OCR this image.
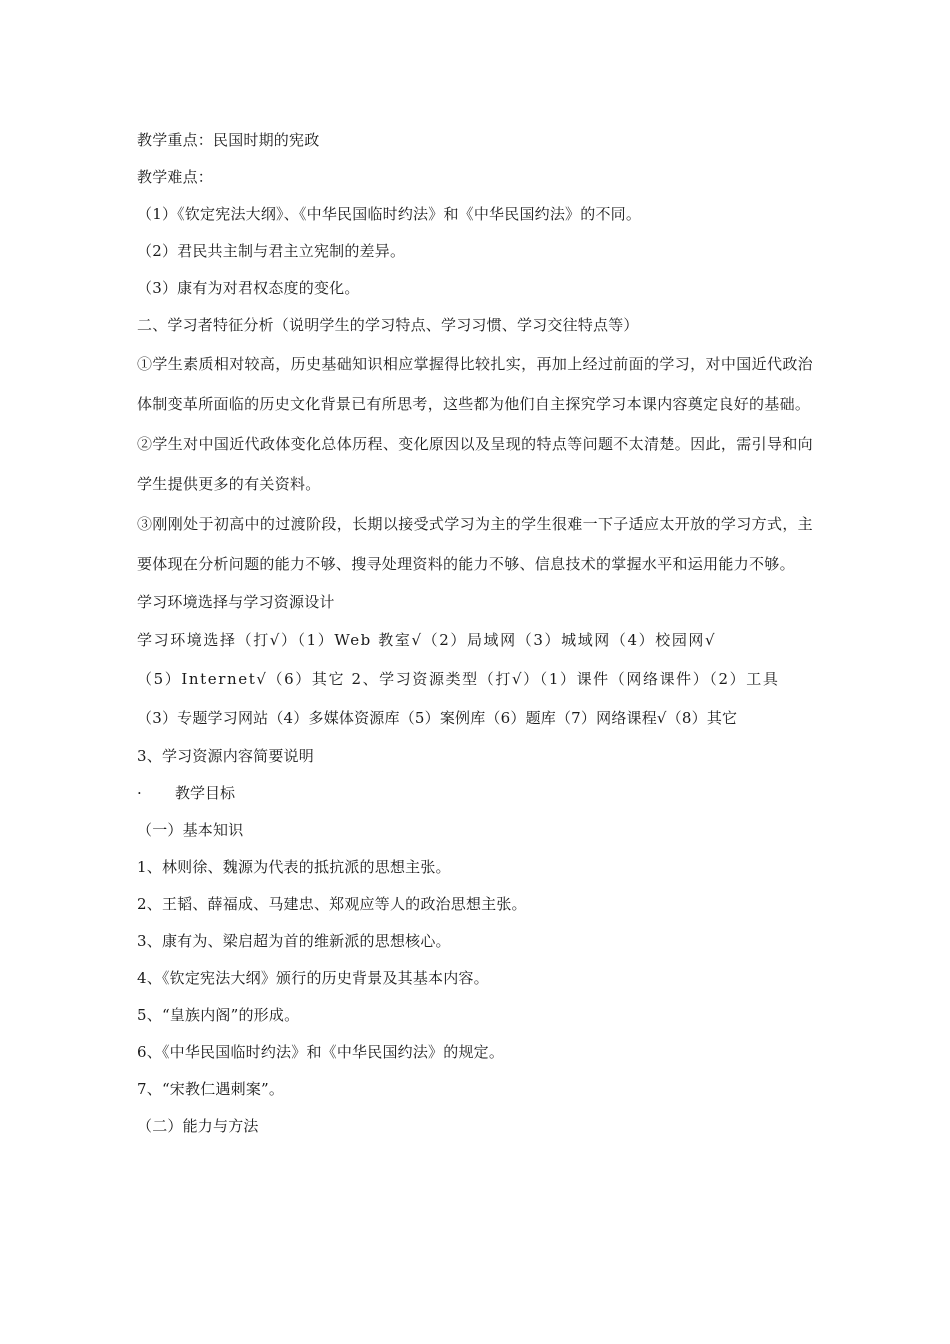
教学重点：民国时期的宪政
教学难点：
（1）《钦定宪法大纲》、《中华民国临时约法》和《中华民国约法》的不同。
（2）君民共主制与君主立宪制的差异。
（3）康有为对君权态度的变化。
二、学习者特征分析（说明学生的学习特点、学习习惯、学习交往特点等）
①学生素质相对较高，历史基础知识相应掌握得比较扎实，再加上经过前面的学习，对中国近代政治体制变革所面临的历史文化背景已有所思考，这些都为他们自主探究学习本课内容奠定良好的基础。
②学生对中国近代政体变化总体历程、变化原因以及呈现的特点等问题不太清楚。因此，需引导和向学生提供更多的有关资料。
③刚刚处于初高中的过渡阶段，长期以接受式学习为主的学生很难一下子适应太开放的学习方式，主要体现在分析问题的能力不够、搜寻处理资料的能力不够、信息技术的掌握水平和运用能力不够。
学习环境选择与学习资源设计
学习环境选择（打√）（1）Web 教室√（2）局域网（3）城域网（4）校园网√
（5）Internet√（6）其它 2、学习资源类型（打√）（1）课件（网络课件）（2）工具
（3）专题学习网站（4）多媒体资源库（5）案例库（6）题库（7）网络课程√（8）其它
3、学习资源内容简要说明
· 教学目标
（一）基本知识
1、林则徐、魏源为代表的抵抗派的思想主张。
2、王韬、薛福成、马建忠、郑观应等人的政治思想主张。
3、康有为、梁启超为首的维新派的思想核心。
4、《钦定宪法大纲》颁行的历史背景及其基本内容。
5、“皇族内阁”的形成。
6、《中华民国临时约法》和《中华民国约法》的规定。
7、“宋教仁遇刺案”。
（二）能力与方法
